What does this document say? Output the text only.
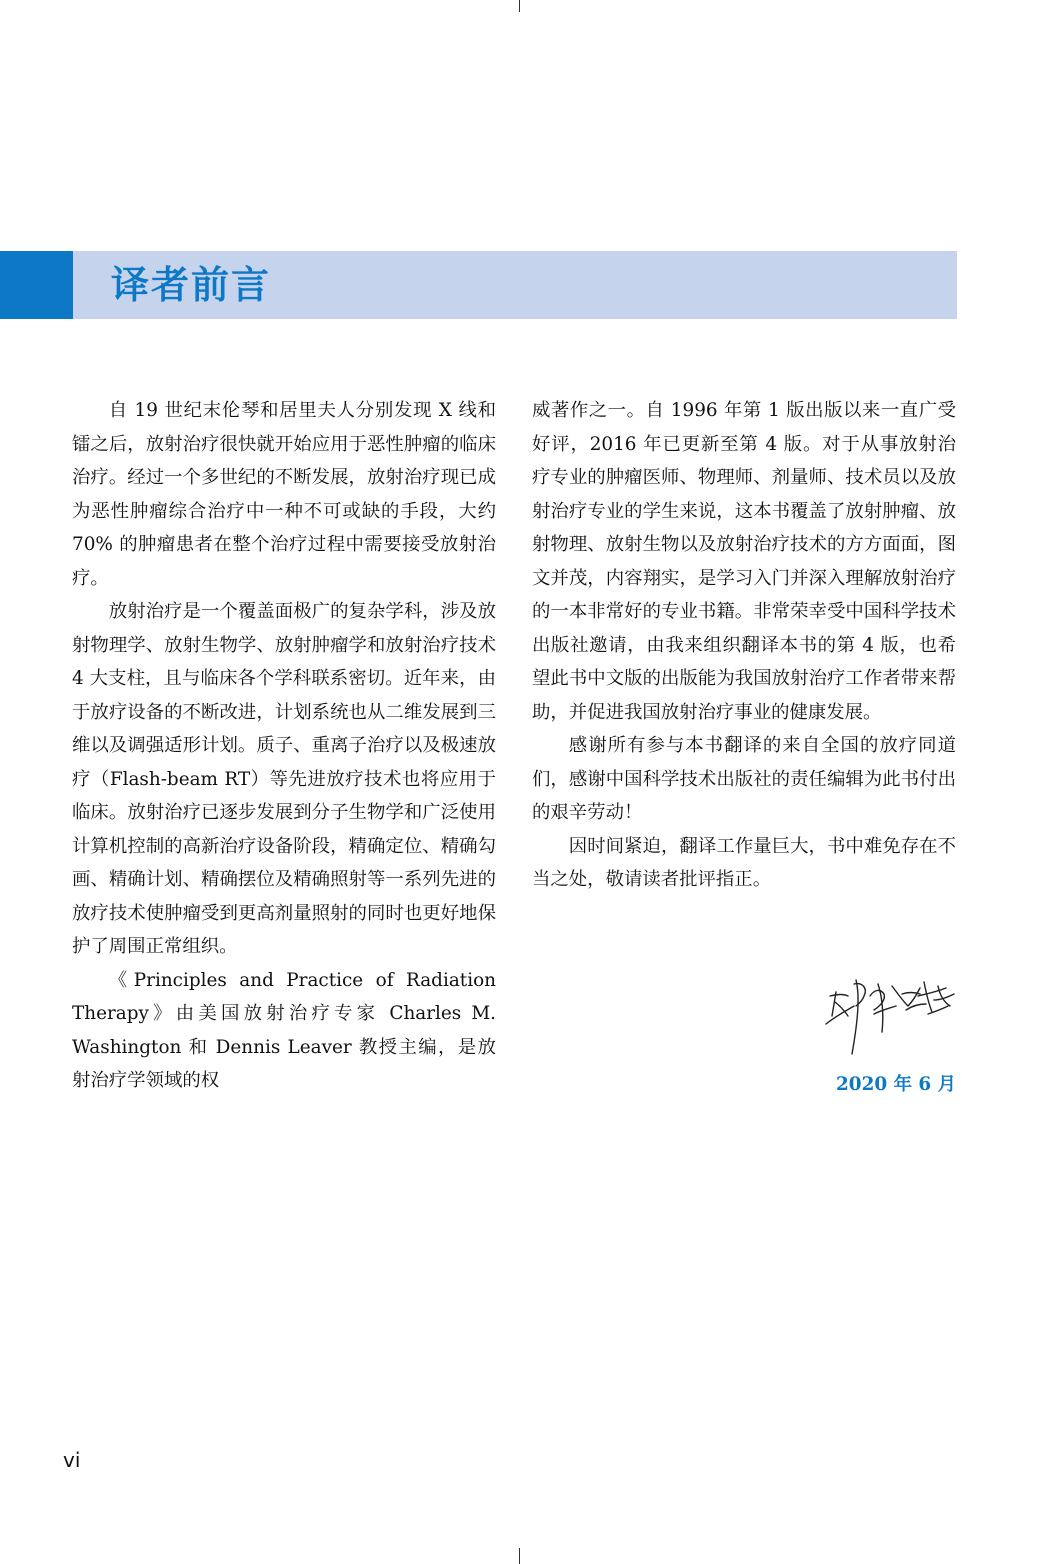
译者前言

自 19 世纪末伦琴和居里夫人分别发现 X 线和镭之后，放射治疗很快就开始应用于恶性肿瘤的临床治疗。经过一个多世纪的不断发展，放射治疗现已成为恶性肿瘤综合治疗中一种不可或缺的手段，大约 70% 的肿瘤患者在整个治疗过程中需要接受放射治疗。

放射治疗是一个覆盖面极广的复杂学科，涉及放射物理学、放射生物学、放射肿瘤学和放射治疗技术 4 大支柱，且与临床各个学科联系密切。近年来，由于放疗设备的不断改进，计划系统也从二维发展到三维以及调强适形计划。质子、重离子治疗以及极速放疗（Flash-beam RT）等先进放疗技术也将应用于临床。放射治疗已逐步发展到分子生物学和广泛使用计算机控制的高新治疗设备阶段，精确定位、精确勾画、精确计划、精确摆位及精确照射等一系列先进的放疗技术使肿瘤受到更高剂量照射的同时也更好地保护了周围正常组织。

《Principles and Practice of Radiation Therapy》由美国放射治疗专家 Charles M. Washington 和 Dennis Leaver 教授主编，是放射治疗学领域的权

威著作之一。自 1996 年第 1 版出版以来一直广受好评，2016 年已更新至第 4 版。对于从事放射治疗专业的肿瘤医师、物理师、剂量师、技术员以及放射治疗专业的学生来说，这本书覆盖了放射肿瘤、放射物理、放射生物以及放射治疗技术的方方面面，图文并茂，内容翔实，是学习入门并深入理解放射治疗的一本非常好的专业书籍。非常荣幸受中国科学技术出版社邀请，由我来组织翻译本书的第 4 版，也希望此书中文版的出版能为我国放射治疗工作者带来帮助，并促进我国放射治疗事业的健康发展。

感谢所有参与本书翻译的来自全国的放疗同道们，感谢中国科学技术出版社的责任编辑为此书付出的艰辛劳动！

因时间紧迫，翻译工作量巨大，书中难免存在不当之处，敬请读者批评指正。

2020 年 6 月
vi
